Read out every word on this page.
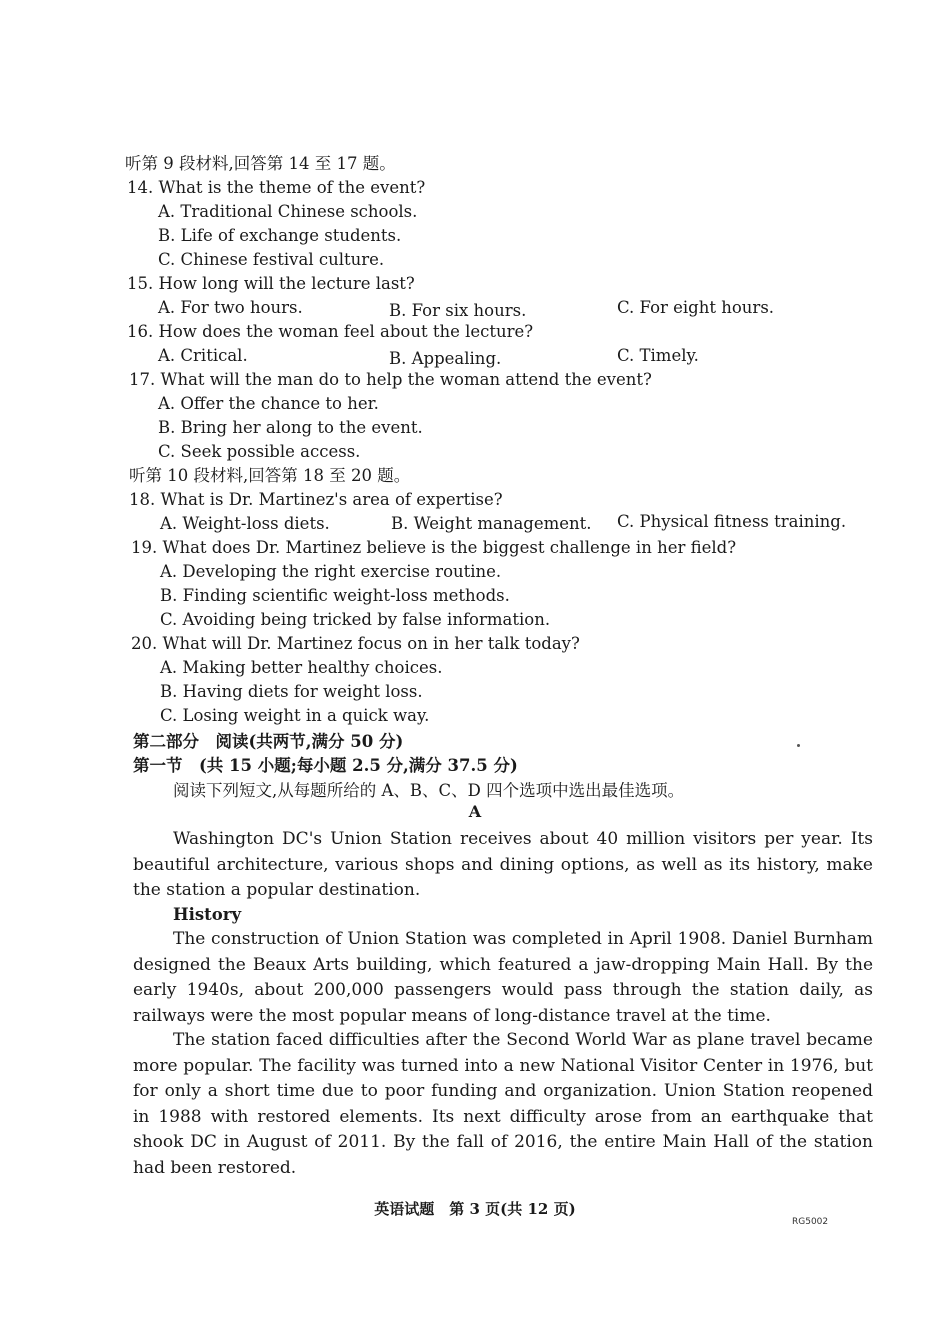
听第 9 段材料,回答第 14 至 17 题。
14. What is the theme of the event?
A. Traditional Chinese schools.
B. Life of exchange students.
C. Chinese festival culture.
15. How long will the lecture last?
A. For two hours.	B. For six hours.	C. For eight hours.
16. How does the woman feel about the lecture?
A. Critical.	B. Appealing.	C. Timely.
17. What will the man do to help the woman attend the event?
A. Offer the chance to her.
B. Bring her along to the event.
C. Seek possible access.
听第 10 段材料,回答第 18 至 20 题。
18. What is Dr. Martinez's area of expertise?
A. Weight-loss diets.	B. Weight management. C. Physical fitness training.
19. What does Dr. Martinez believe is the biggest challenge in her field?
A. Developing the right exercise routine.
B. Finding scientific weight-loss methods.
C. Avoiding being tricked by false information.
20. What will Dr. Martinez focus on in her talk today?
A. Making better healthy choices.
B. Having diets for weight loss.
C. Losing weight in a quick way.
第二部分　阅读(共两节,满分 50 分)
第一节　(共 15 小题;每小题 2.5 分,满分 37.5 分)
阅读下列短文,从每题所给的 A、B、C、D 四个选项中选出最佳选项。
A
Washington DC's Union Station receives about 40 million visitors per year. Its beautiful architecture, various shops and dining options, as well as its history, make the station a popular destination.
History
The construction of Union Station was completed in April 1908. Daniel Burnham designed the Beaux Arts building, which featured a jaw-dropping Main Hall. By the early 1940s, about 200,000 passengers would pass through the station daily, as railways were the most popular means of long-distance travel at the time.
The station faced difficulties after the Second World War as plane travel became more popular. The facility was turned into a new National Visitor Center in 1976, but for only a short time due to poor funding and organization. Union Station reopened in 1988 with restored elements. Its next difficulty arose from an earthquake that shook DC in August of 2011. By the fall of 2016, the entire Main Hall of the station had been restored.
英语试题　第 3 页(共 12 页)
RG5002
